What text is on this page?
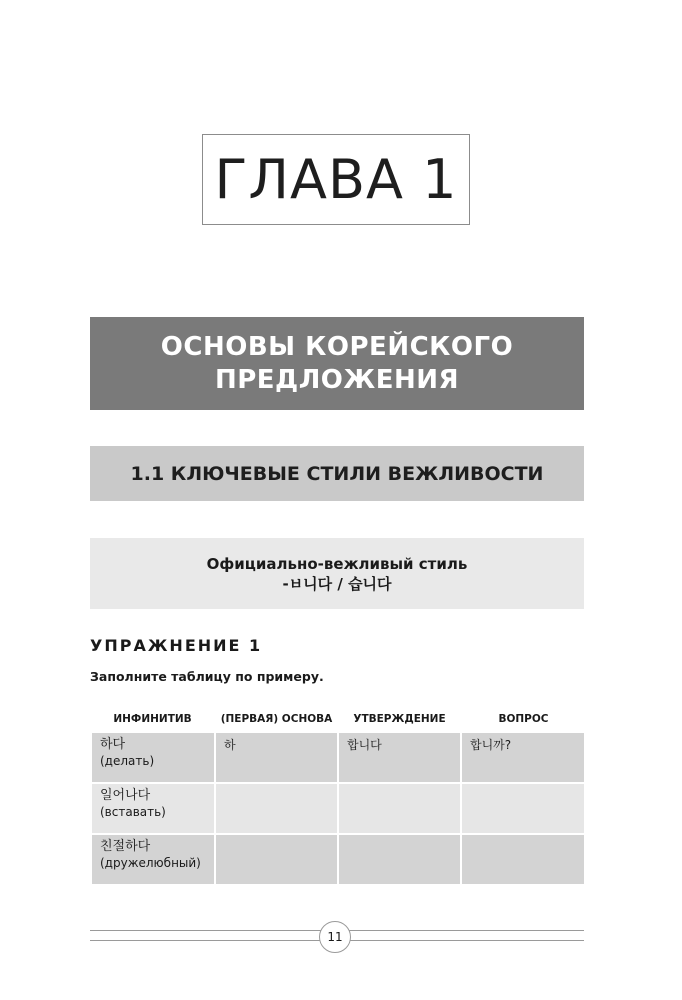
ГЛАВА 1
ОСНОВЫ КОРЕЙСКОГО
ПРЕДЛОЖЕНИЯ
1.1 КЛЮЧЕВЫЕ СТИЛИ ВЕЖЛИВОСТИ
Официально-вежливый стиль
-ㅂ니다 / 습니다
УПРАЖНЕНИЕ 1
Заполните таблицу по примеру.
ИНФИНИТИВ	(ПЕРВАЯ) ОСНОВА	УТВЕРЖДЕНИЕ	ВОПРОС

하다
(делать)	하	합니다	합니까?

일어나다
(вставать)			

친절하다
(дружелюбный)			

11
